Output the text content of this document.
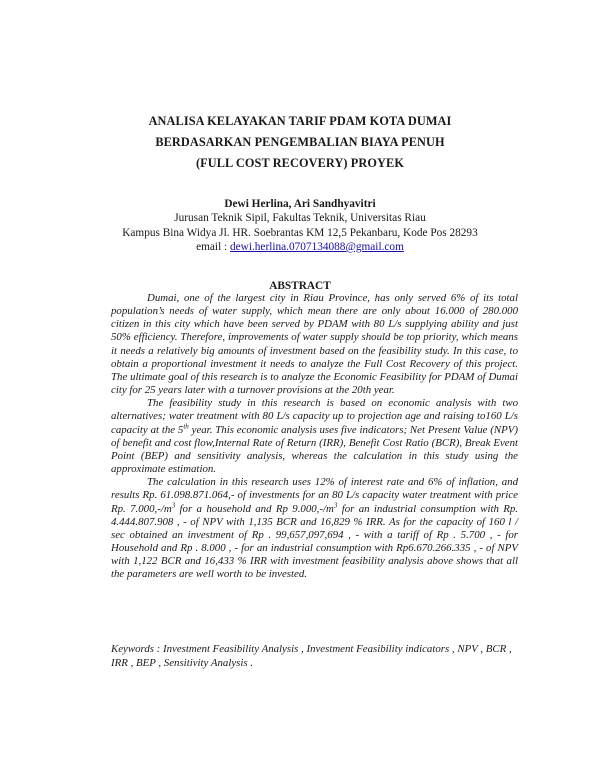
ANALISA KELAYAKAN TARIF PDAM KOTA DUMAI
BERDASARKAN PENGEMBALIAN BIAYA PENUH
(FULL COST RECOVERY) PROYEK
Dewi Herlina, Ari Sandhyavitri
Jurusan Teknik Sipil, Fakultas Teknik, Universitas Riau
Kampus Bina Widya Jl. HR. Soebrantas KM 12,5 Pekanbaru, Kode Pos 28293
email : dewi.herlina.0707134088@gmail.com
ABSTRACT

Dumai, one of the largest city in Riau Province, has only served 6% of its total population’s needs of water supply, which mean there are only about 16.000 of 280.000 citizen in this city which have been served by PDAM with 80 L/s supplying ability and just 50% efficiency. Therefore, improvements of water supply should be top priority, which means it needs a relatively big amounts of investment based on the feasibility study. In this case, to obtain a proportional investment it needs to analyze the Full Cost Recovery of this project. The ultimate goal of this research is to analyze the Economic Feasibility for PDAM of Dumai city for 25 years later with a turnover provisions at the 20th year.

The feasibility study in this research is based on economic analysis with two alternatives; water treatment with 80 L/s capacity up to projection age and raising to160 L/s capacity at the 5th year. This economic analysis uses five indicators; Net Present Value (NPV) of benefit and cost flow,Internal Rate of Return (IRR), Benefit Cost Ratio (BCR), Break Event Point (BEP) and sensitivity analysis, whereas the calculation in this study using the approximate estimation.

The calculation in this research uses 12% of interest rate and 6% of inflation, and results Rp. 61.098.871.064,- of investments for an 80 L/s capacity water treatment with price Rp. $7.000,-/m^3$ for a household and Rp $9.000,-/m^3$ for an industrial consumption with Rp. 4.444.807.908 , - of NPV with 1,135 BCR and 16,829 % IRR. As for the capacity of 160 l / sec obtained an investment of Rp . 99,657,097,694 , - with a tariff of Rp . 5.700 , - for Household and Rp . 8.000 , - for an industrial consumption with Rp6.670.266.335 , - of NPV with 1,122 BCR and 16,433 % IRR with investment feasibility analysis above shows that all the parameters are well worth to be invested.

Keywords : Investment Feasibility Analysis , Investment Feasibility indicators , NPV , BCR , IRR , BEP , Sensitivity Analysis .
